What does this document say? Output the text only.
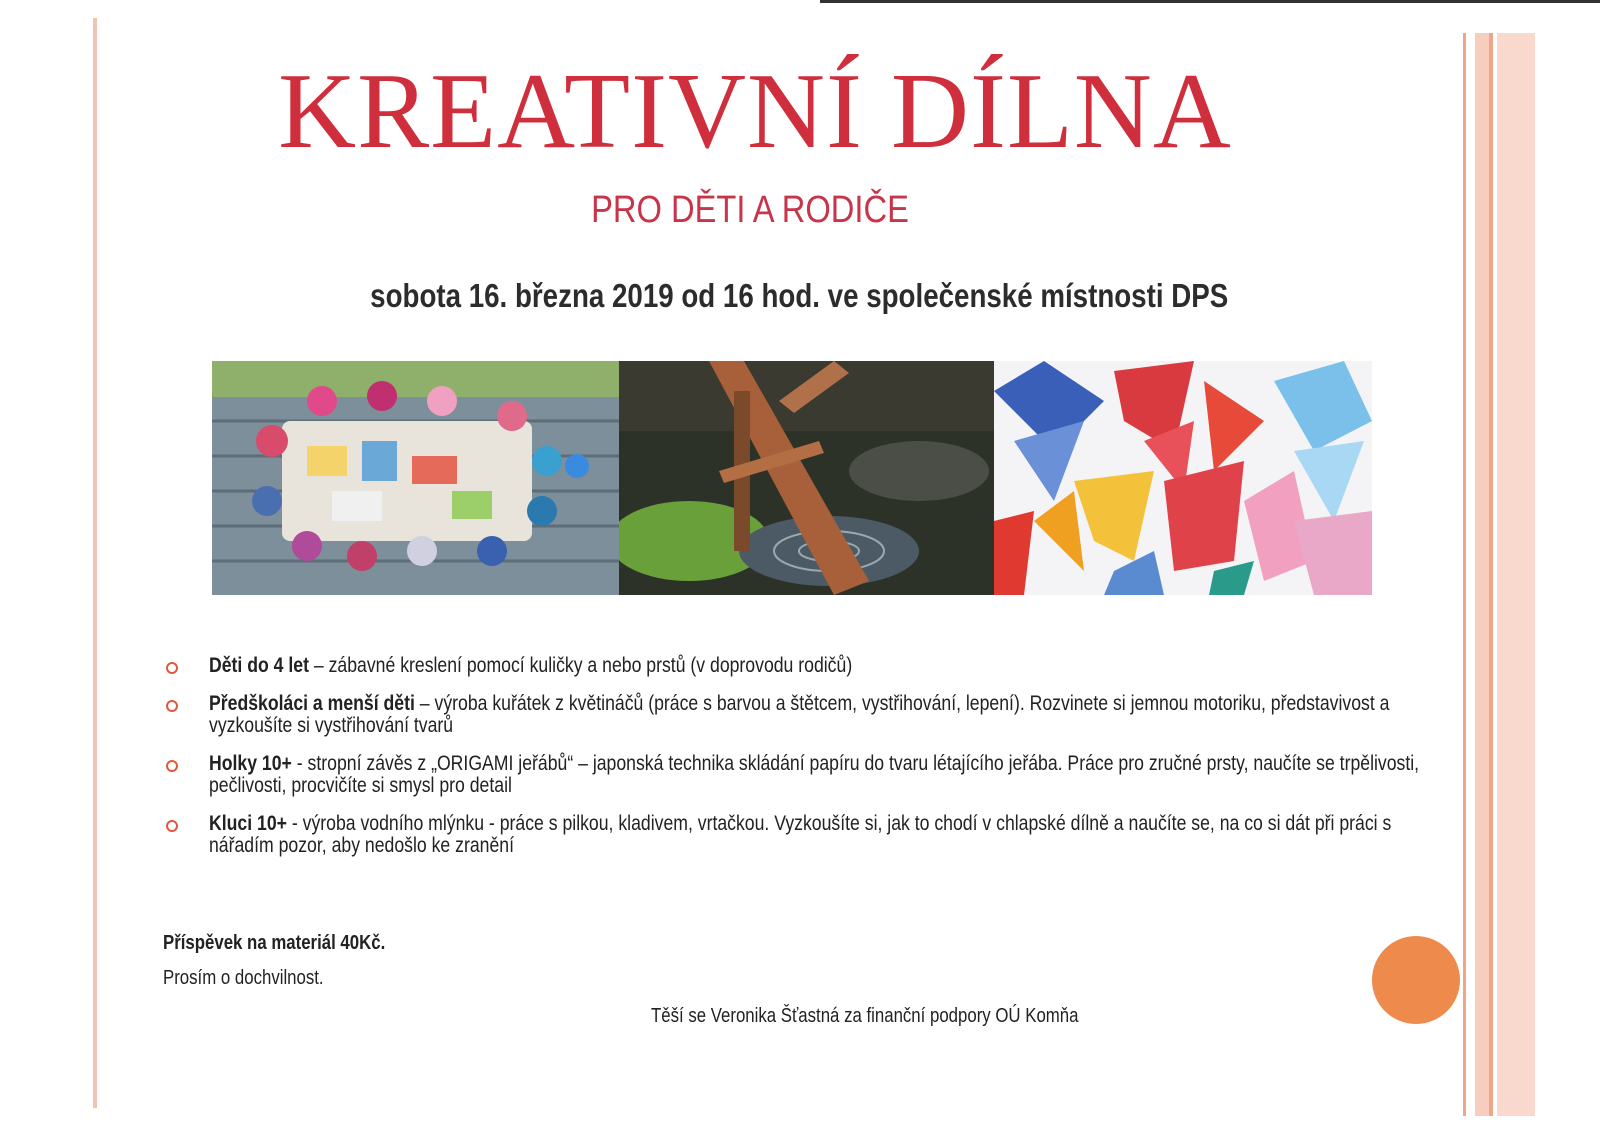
KREATIVNÍ DÍLNA
PRO DĚTI A RODIČE
sobota 16. března 2019 od 16 hod. ve společenské místnosti DPS
Děti do 4 let – zábavné kreslení pomocí kuličky a nebo prstů (v doprovodu rodičů)
Předškoláci a menší děti – výroba kuřátek z květináčů (práce s barvou a štětcem, vystřihování, lepení). Rozvinete si jemnou motoriku, představivost a vyzkoušíte si vystřihování tvarů
Holky 10+ - stropní závěs z „ORIGAMI jeřábů“ – japonská technika skládání papíru do tvaru létajícího jeřába. Práce pro zručné prsty, naučíte se trpělivosti, pečlivosti, procvičíte si smysl pro detail
Kluci 10+ - výroba vodního mlýnku - práce s pilkou, kladivem, vrtačkou. Vyzkoušíte si, jak to chodí v chlapské dílně a naučíte se, na co si dát při práci s nářadím pozor, aby nedošlo ke zranění
Příspěvek na materiál 40Kč.
Prosím o dochvilnost.
Těší se Veronika Šťastná za finanční podpory OÚ Komňa
